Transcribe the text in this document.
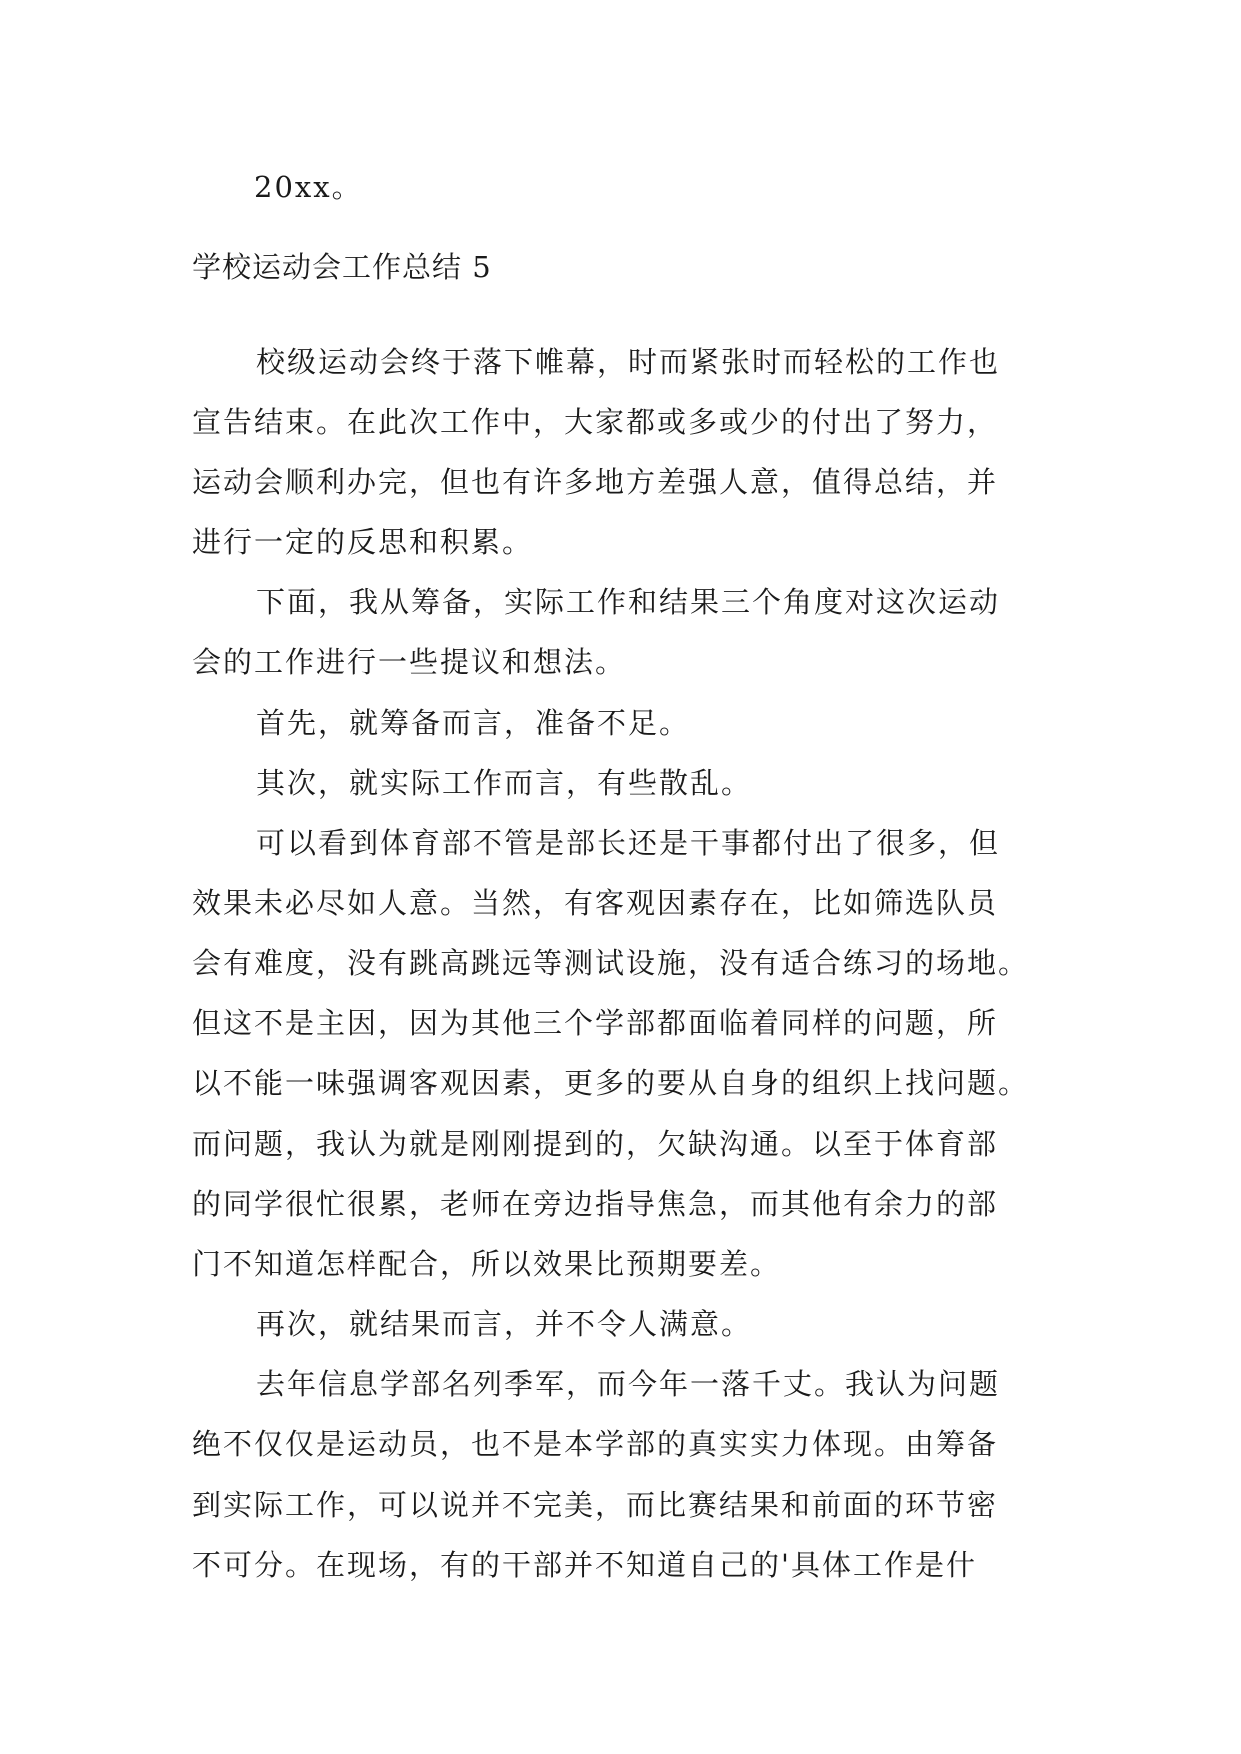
20xx。
学校运动会工作总结 5
校级运动会终于落下帷幕，时而紧张时而轻松的工作也
宣告结束。在此次工作中，大家都或多或少的付出了努力，
运动会顺利办完，但也有许多地方差强人意，值得总结，并
进行一定的反思和积累。
下面，我从筹备，实际工作和结果三个角度对这次运动
会的工作进行一些提议和想法。
首先，就筹备而言，准备不足。
其次，就实际工作而言，有些散乱。
可以看到体育部不管是部长还是干事都付出了很多，但
效果未必尽如人意。当然，有客观因素存在，比如筛选队员
会有难度，没有跳高跳远等测试设施，没有适合练习的场地。
但这不是主因，因为其他三个学部都面临着同样的问题，所
以不能一味强调客观因素，更多的要从自身的组织上找问题。
而问题，我认为就是刚刚提到的，欠缺沟通。以至于体育部
的同学很忙很累，老师在旁边指导焦急，而其他有余力的部
门不知道怎样配合，所以效果比预期要差。
再次，就结果而言，并不令人满意。
去年信息学部名列季军，而今年一落千丈。我认为问题
绝不仅仅是运动员，也不是本学部的真实实力体现。由筹备
到实际工作，可以说并不完美，而比赛结果和前面的环节密
不可分。在现场，有的干部并不知道自己的'具体工作是什
